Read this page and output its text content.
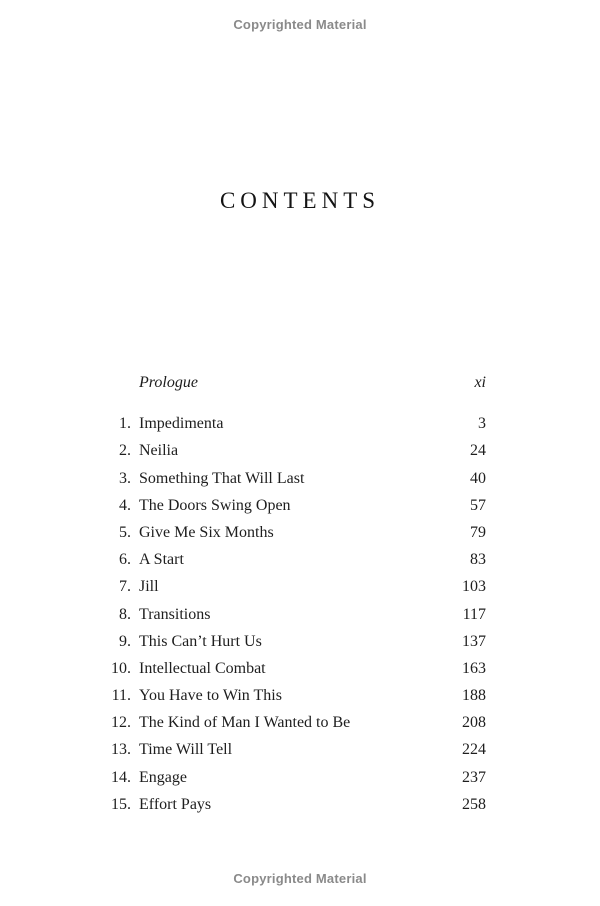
Copyrighted Material
CONTENTS
Prologue	xi
1. Impedimenta	3
2. Neilia	24
3. Something That Will Last	40
4. The Doors Swing Open	57
5. Give Me Six Months	79
6. A Start	83
7. Jill	103
8. Transitions	117
9. This Can’t Hurt Us	137
10. Intellectual Combat	163
11. You Have to Win This	188
12. The Kind of Man I Wanted to Be	208
13. Time Will Tell	224
14. Engage	237
15. Effort Pays	258
Copyrighted Material
